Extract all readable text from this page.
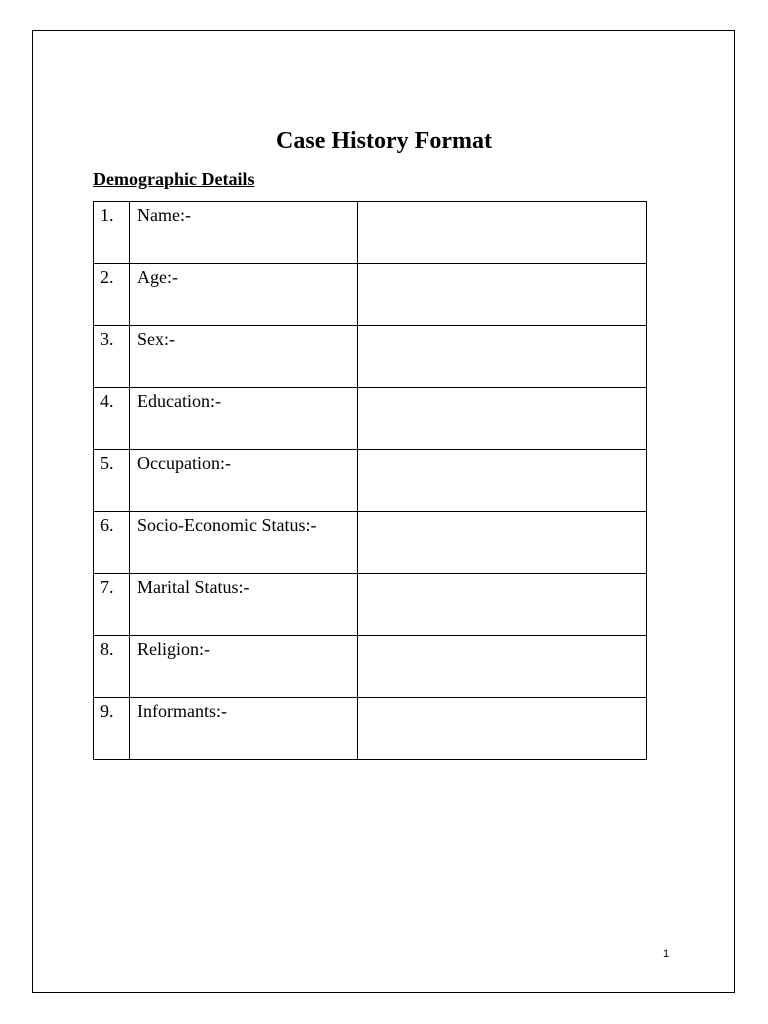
Case History Format
Demographic Details
1.	Name:-	
2.	Age:-	
3.	Sex:-	
4.	Education:-	
5.	Occupation:-	
6.	Socio-Economic Status:-	
7.	Marital Status:-	
8.	Religion:-	
9.	Informants:-	
1
